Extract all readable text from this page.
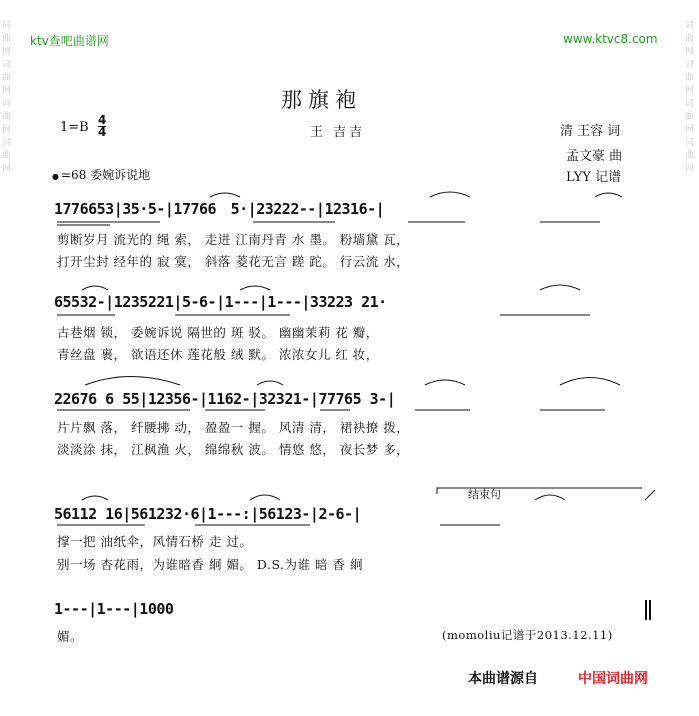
词曲网词曲网词曲网词曲网
词曲网词曲网词曲网词曲网
ktv查吧曲谱网	www.ktvc8.com
那旗袍
1=B 4
4	王 吉吉	清 王容 词
孟文豪 曲
LYY 记谱
● =68 委婉诉说地
1776653|35·5-|17766 5·|23222--|12316-|
剪断岁月 流光的 绳 索， 走进 江南丹青 水 墨。 粉墙黛 瓦，
打开尘封 经年的 寂 寞， 斜落 菱花无言 蹉 跎。 行云流 水，
65532-|1235221|5-6-|1---|1---|33223 21·
古巷烟 锁， 委婉诉说 隔世的 斑 驳。 幽幽茉莉 花 瓣，
青丝盘 裹， 欲语还休 莲花般 绒 默。 浓浓女儿 红 妆，
22676 6 55|12356-|1162-|32321-|77765 3-|
片片飘 落， 纤腰拂 动， 盈盈一 握。 风清 清， 裙袂撩 拨，
淡淡涂 抹， 江枫渔 火， 绵绵秋 波。 情悠 悠， 夜长梦 多，
结束句
56112 16|561232·6|1---:|56123-|2-6-|
撑一把 油纸伞，风情石桥 走 过。
别一场 杏花雨，为谁暗香 絅 媚。 D.S.为谁 暗 香 絅
1---|1---|1000
媚。	(momoliu记谱于2013.12.11)
本曲谱源自	中国词曲网
